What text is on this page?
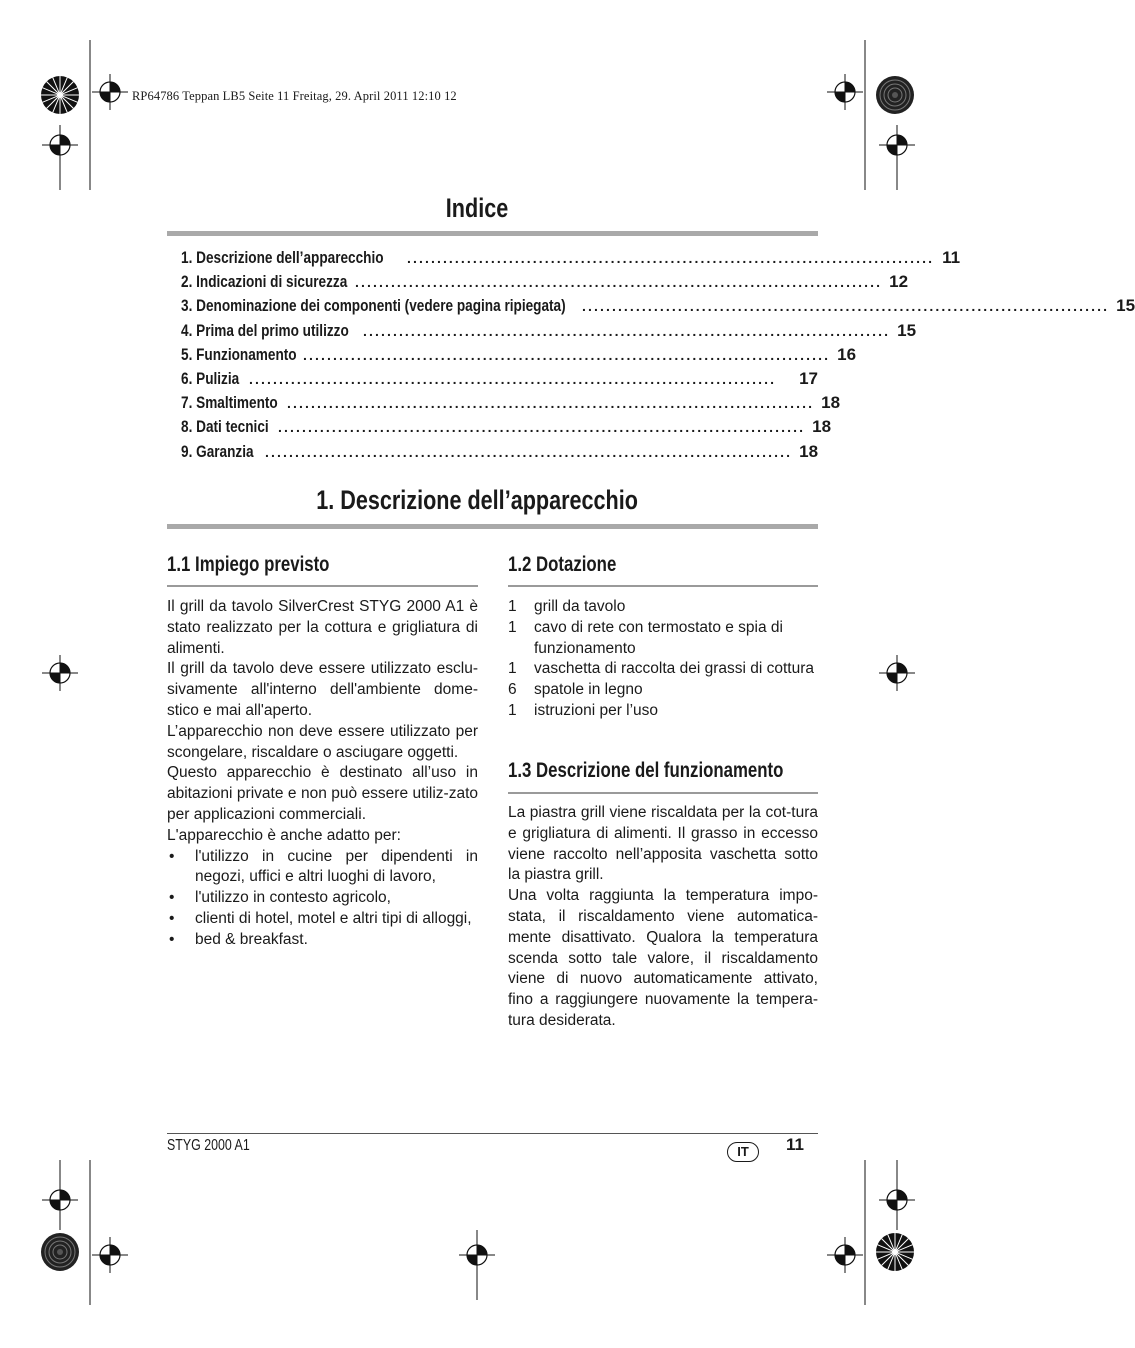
RP64786 Teppan LB5 Seite 11 Freitag, 29. April 2011 12:10 12
Indice
1. Descrizione dell’apparecchio ........................................................................................ 11
2. Indicazioni di sicurezza ........................................................................................ 12
3. Denominazione dei componenti (vedere pagina ripiegata) ........................................................................................ 15
4. Prima del primo utilizzo ........................................................................................ 15
5. Funzionamento ........................................................................................ 16
6. Pulizia ........................................................................................	17
7. Smaltimento ........................................................................................ 18
8. Dati tecnici ........................................................................................ 18
9. Garanzia ........................................................................................ 18
1. Descrizione dell’apparecchio
1.1 Impiego previsto

Il grill da tavolo SilverCrest STYG 2000 A1 è stato realizzato per la cottura e grigliatura di alimenti.

Il grill da tavolo deve essere utilizzato esclu-sivamente all'interno dell'ambiente dome-stico e mai all'aperto.

L’apparecchio non deve essere utilizzato per scongelare, riscaldare o asciugare oggetti.

Questo apparecchio è destinato all’uso in abitazioni private e non può essere utiliz-zato per applicazioni commerciali.

L'apparecchio è anche adatto per:

•	l'utilizzo in cucine per dipendenti in negozi, uffici e altri luoghi di lavoro,
•	l'utilizzo in contesto agricolo,
•	clienti di hotel, motel e altri tipi di alloggi,
•	bed & breakfast.
1.2 Dotazione
1	grill da tavolo
1	cavo di rete con termostato e spia di funzionamento
1	vaschetta di raccolta dei grassi di cottura
6	spatole in legno
1	istruzioni per l’uso
1.3 Descrizione del funzionamento

La piastra grill viene riscaldata per la cot-tura e grigliatura di alimenti. Il grasso in eccesso viene raccolto nell’apposita vaschetta sotto la piastra grill.

Una volta raggiunta la temperatura impo-stata, il riscaldamento viene automatica-mente disattivato. Qualora la temperatura scenda sotto tale valore, il riscaldamento viene di nuovo automaticamente attivato, fino a raggiungere nuovamente la tempera-tura desiderata.

STYG 2000 A1	IT	11
